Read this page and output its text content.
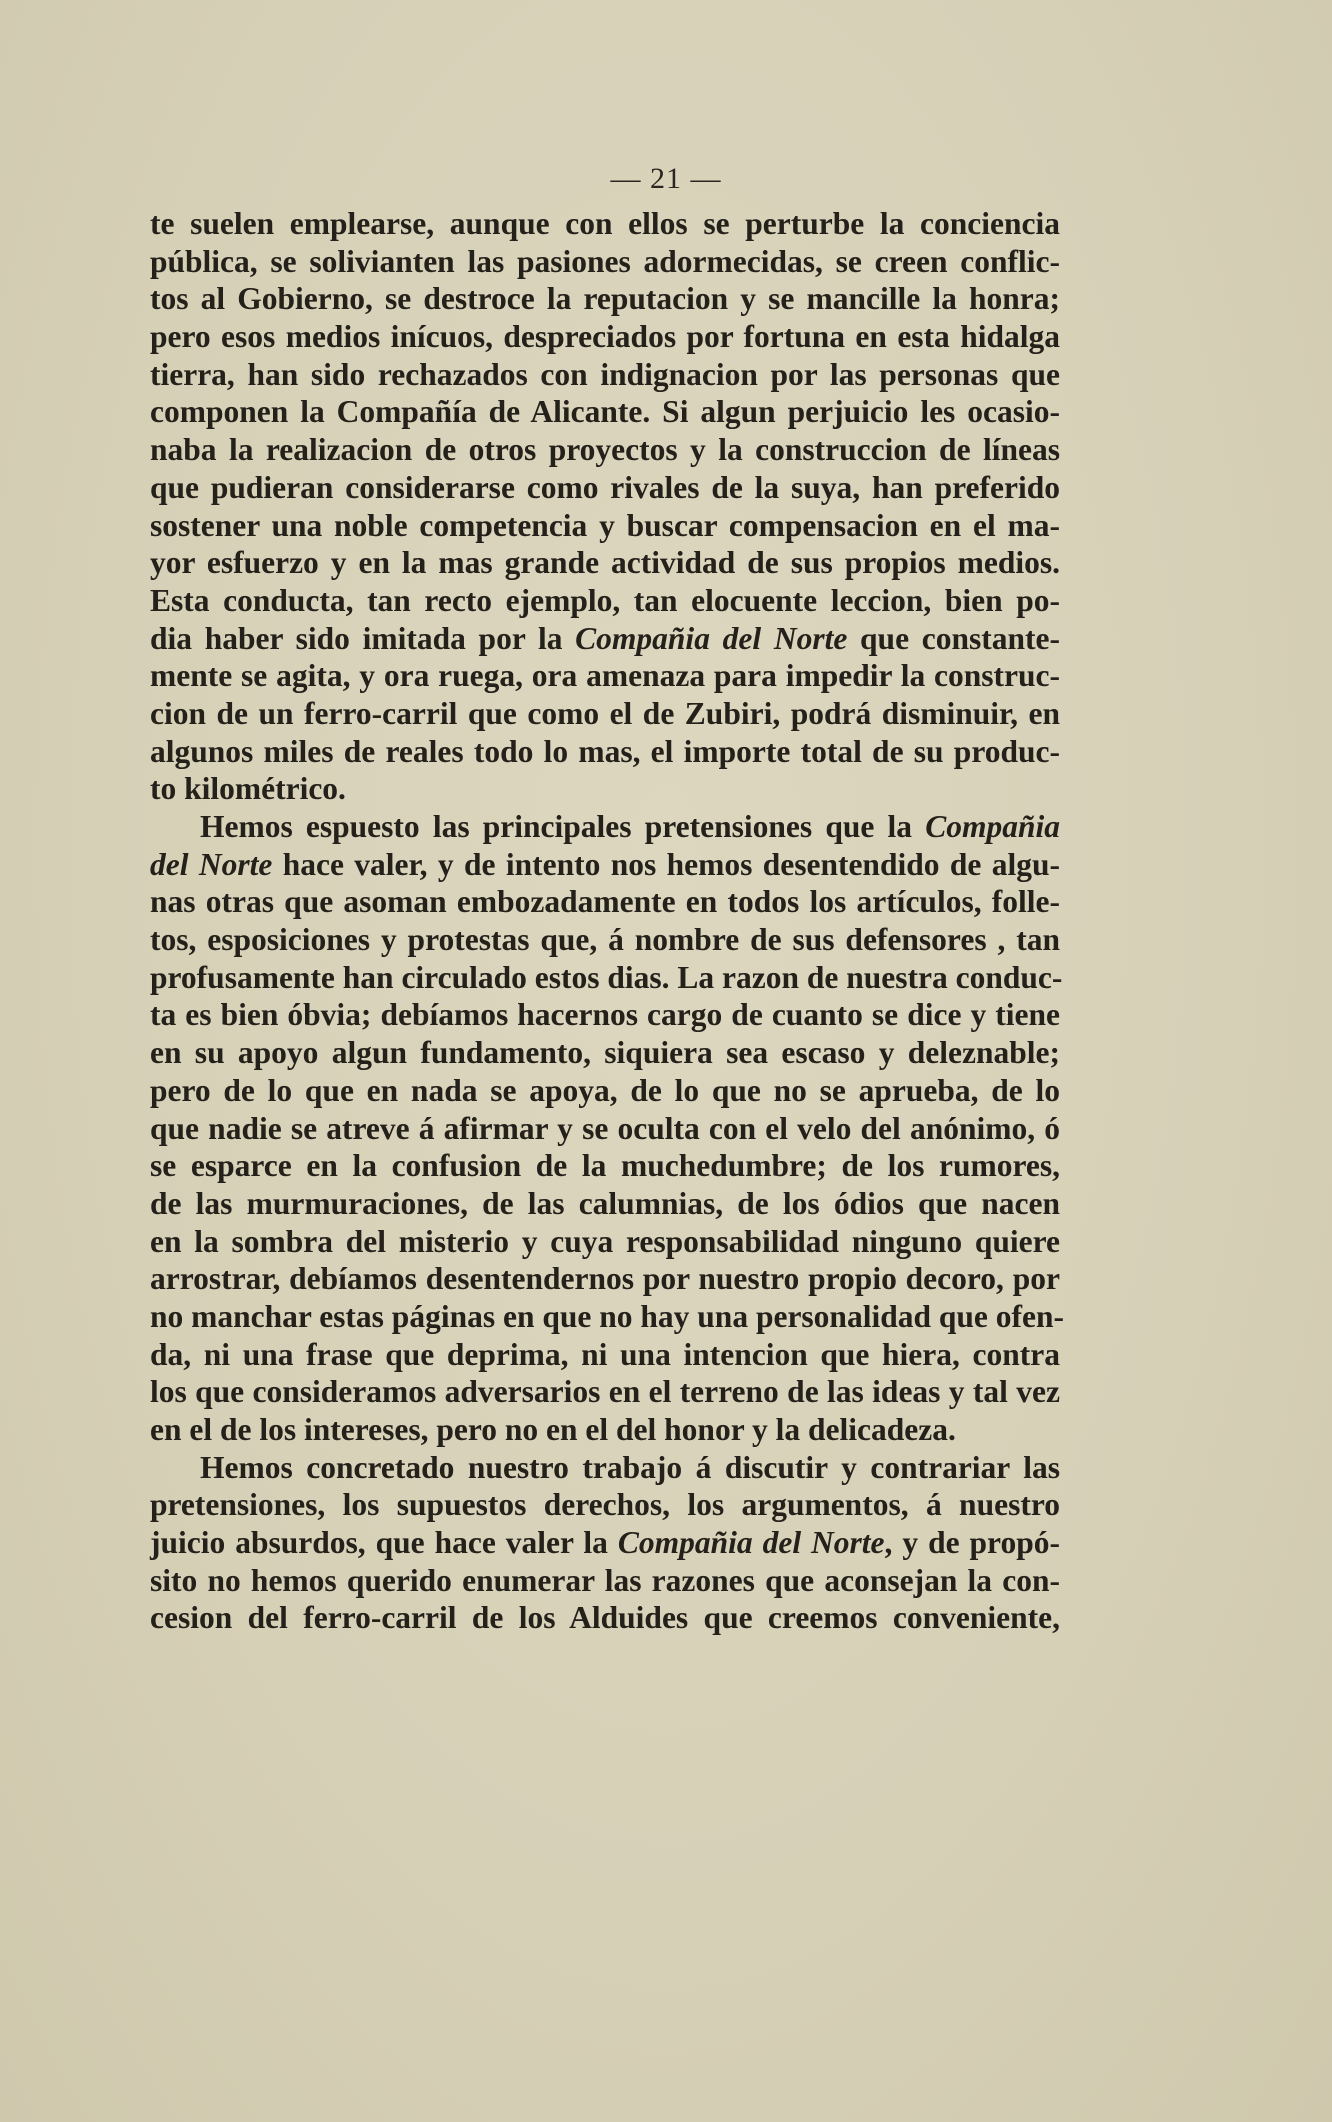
— 21 —
te suelen emplearse, aunque con ellos se perturbe la conciencia
pública, se solivianten las pasiones adormecidas, se creen conflic-
tos al Gobierno, se destroce la reputacion y se mancille la honra;
pero esos medios inícuos, despreciados por fortuna en esta hidalga
tierra, han sido rechazados con indignacion por las personas que
componen la Compañía de Alicante. Si algun perjuicio les ocasio-
naba la realizacion de otros proyectos y la construccion de líneas
que pudieran considerarse como rivales de la suya, han preferido
sostener una noble competencia y buscar compensacion en el ma-
yor esfuerzo y en la mas grande actividad de sus propios medios.
Esta conducta, tan recto ejemplo, tan elocuente leccion, bien po-
dia haber sido imitada por la Compañia del Norte que constante-
mente se agita, y ora ruega, ora amenaza para impedir la construc-
cion de un ferro-carril que como el de Zubiri, podrá disminuir, en
algunos miles de reales todo lo mas, el importe total de su produc-
to kilométrico.
Hemos espuesto las principales pretensiones que la Compañia
del Norte hace valer, y de intento nos hemos desentendido de algu-
nas otras que asoman embozadamente en todos los artículos, folle-
tos, esposiciones y protestas que, á nombre de sus defensores , tan
profusamente han circulado estos dias. La razon de nuestra conduc-
ta es bien óbvia; debíamos hacernos cargo de cuanto se dice y tiene
en su apoyo algun fundamento, siquiera sea escaso y deleznable;
pero de lo que en nada se apoya, de lo que no se aprueba, de lo
que nadie se atreve á afirmar y se oculta con el velo del anónimo, ó
se esparce en la confusion de la muchedumbre; de los rumores,
de las murmuraciones, de las calumnias, de los ódios que nacen
en la sombra del misterio y cuya responsabilidad ninguno quiere
arrostrar, debíamos desentendernos por nuestro propio decoro, por
no manchar estas páginas en que no hay una personalidad que ofen-
da, ni una frase que deprima, ni una intencion que hiera, contra
los que consideramos adversarios en el terreno de las ideas y tal vez
en el de los intereses, pero no en el del honor y la delicadeza.
Hemos concretado nuestro trabajo á discutir y contrariar las
pretensiones, los supuestos derechos, los argumentos, á nuestro
juicio absurdos, que hace valer la Compañia del Norte, y de propó-
sito no hemos querido enumerar las razones que aconsejan la con-
cesion del ferro-carril de los Alduides que creemos conveniente,
